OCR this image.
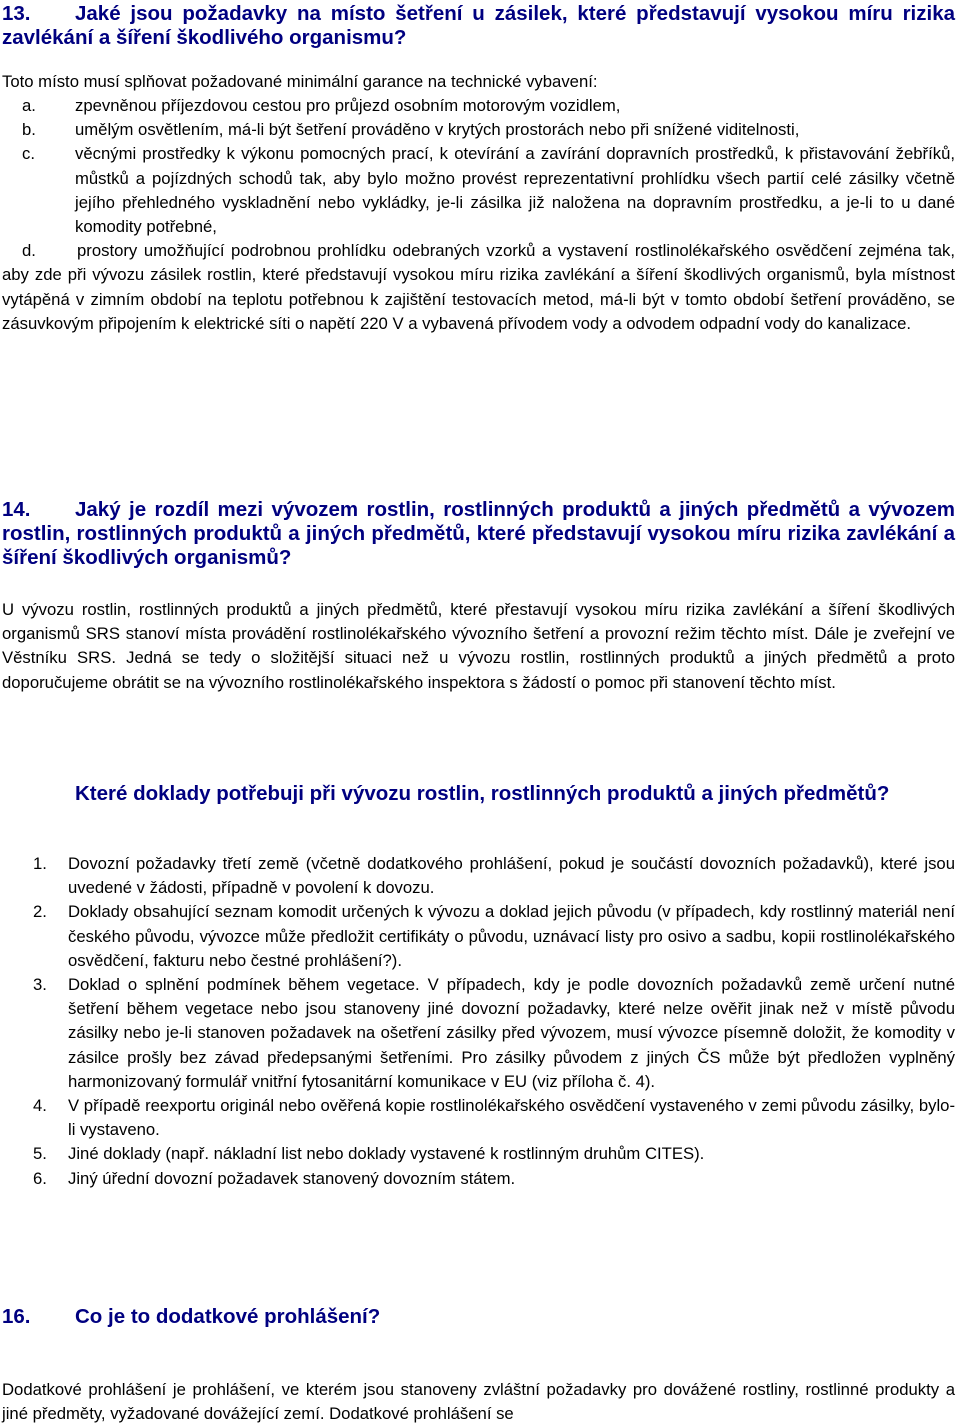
13. Jaké jsou požadavky na místo šetření u zásilek, které představují vysokou míru rizika zavlékání a šíření škodlivého organismu?

Toto místo musí splňovat požadované minimální garance na technické vybavení:

a. zpevněnou příjezdovou cestou pro průjezd osobním motorovým vozidlem,
b. umělým osvětlením, má-li být šetření prováděno v krytých prostorách nebo při snížené viditelnosti,
c. věcnými prostředky k výkonu pomocných prací, k otevírání a zavírání dopravních prostředků, k přistavování žebříků, můstků a pojízdných schodů tak, aby bylo možno provést reprezentativní prohlídku všech partií celé zásilky včetně jejího přehledného vyskladnění nebo vykládky, je-li zásilka již naložena na dopravním prostředku, a je-li to u dané komodity potřebné,
d.	prostory umožňující podrobnou prohlídku odebraných vzorků a vystavení rostlinolékařského osvědčení zejména tak, aby zde při vývozu zásilek rostlin, které představují vysokou míru rizika zavlékání a šíření škodlivých organismů, byla místnost vytápěná v zimním období na teplotu potřebnou k zajištění testovacích metod, má-li být v tomto období šetření prováděno, se zásuvkovým připojením k elektrické síti o napětí 220 V a vybavená přívodem vody a odvodem odpadní vody do kanalizace.
14. Jaký je rozdíl mezi vývozem rostlin, rostlinných produktů a jiných předmětů a vývozem rostlin, rostlinných produktů a jiných předmětů, které představují vysokou míru rizika zavlékání a šíření škodlivých organismů?

U vývozu rostlin, rostlinných produktů a jiných předmětů, které přestavují vysokou míru rizika zavlékání a šíření škodlivých organismů SRS stanoví místa provádění rostlinolékařského vývozního šetření a provozní režim těchto míst. Dále je zveřejní ve Věstníku SRS. Jedná se tedy o složitější situaci než u vývozu rostlin, rostlinných produktů a jiných předmětů a proto doporučujeme obrátit se na vývozního rostlinolékařského inspektora s žádostí o pomoc při stanovení těchto míst.

Které doklady potřebuji při vývozu rostlin, rostlinných produktů a jiných předmětů?
1. Dovozní požadavky třetí země (včetně dodatkového prohlášení, pokud je součástí dovozních požadavků), které jsou uvedené v žádosti, případně v povolení k dovozu.
2. Doklady obsahující seznam komodit určených k vývozu a doklad jejich původu (v případech, kdy rostlinný materiál není českého původu, vývozce může předložit certifikáty o původu, uznávací listy pro osivo a sadbu, kopii rostlinolékařského osvědčení, fakturu nebo čestné prohlášení?).
3. Doklad o splnění podmínek během vegetace. V případech, kdy je podle dovozních požadavků země určení nutné šetření během vegetace nebo jsou stanoveny jiné dovozní požadavky, které nelze ověřit jinak než v místě původu zásilky nebo je-li stanoven požadavek na ošetření zásilky před vývozem, musí vývozce písemně doložit, že komodity v zásilce prošly bez závad předepsanými šetřeními. Pro zásilky původem z jiných ČS může být předložen vyplněný harmonizovaný formulář vnitřní fytosanitární komunikace v EU (viz příloha č. 4).
4. V případě reexportu originál nebo ověřená kopie rostlinolékařského osvědčení vystaveného v zemi původu zásilky, bylo-li vystaveno.
5. Jiné doklady (např. nákladní list nebo doklady vystavené k rostlinným druhům CITES).
6. Jiný úřední dovozní požadavek stanovený dovozním státem.
16. Co je to dodatkové prohlášení?

Dodatkové prohlášení je prohlášení, ve kterém jsou stanoveny zvláštní požadavky pro dovážené rostliny, rostlinné produkty a jiné předměty, vyžadované dovážející zemí. Dodatkové prohlášení se
